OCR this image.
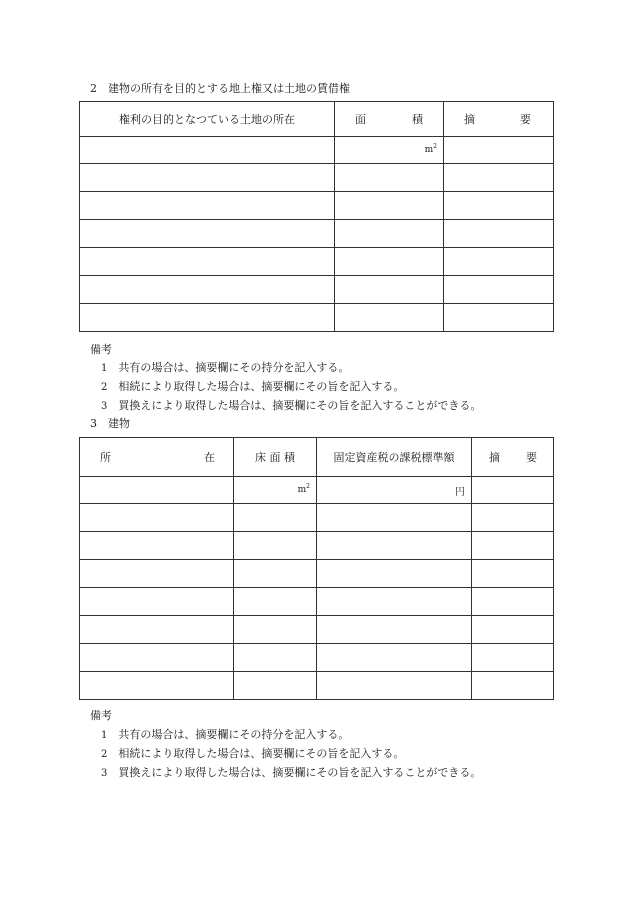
2　建物の所有を目的とする地上権又は土地の賃借権
権利の目的となつている土地の所在	面 積	摘 要

	$m^2$

備考
1　 共有の場合は、摘要欄にその持分を記入する。
2　 相続により取得した場合は、摘要欄にその旨を記入する。
3　 買換えにより取得した場合は、摘要欄にその旨を記入することができる。
3　建物
所 在	床 面 積	固定資産税の課税標準額	摘 要

	$m^2$	円	

備考
1　 共有の場合は、摘要欄にその持分を記入する。
2　 相続により取得した場合は、摘要欄にその旨を記入する。
3　 買換えにより取得した場合は、摘要欄にその旨を記入することができる。
